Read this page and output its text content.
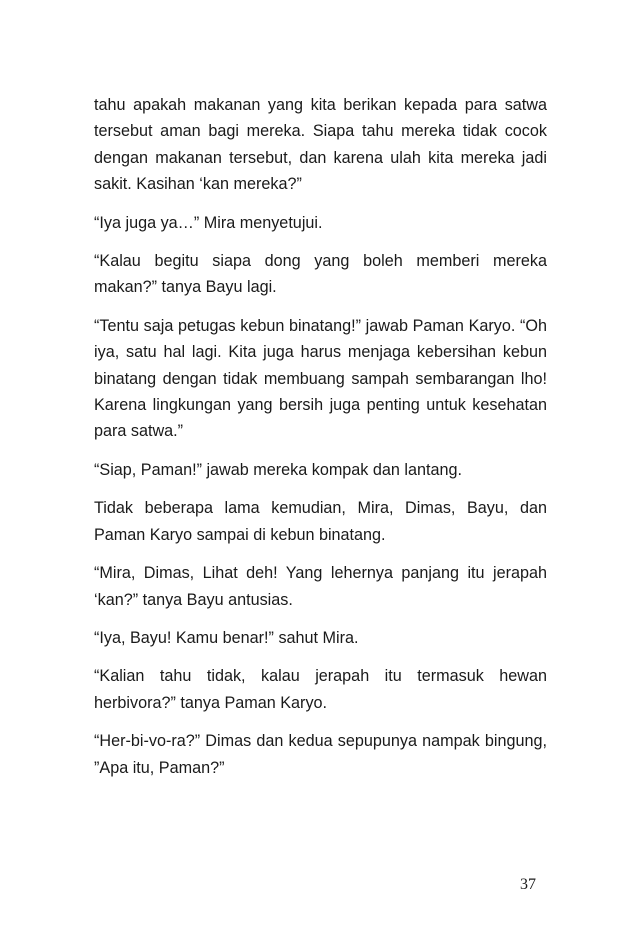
tahu apakah makanan yang kita berikan kepada para satwa tersebut aman bagi mereka. Siapa tahu mereka tidak cocok dengan makanan tersebut, dan karena ulah kita mereka jadi sakit. Kasihan ‘kan mereka?”

“Iya juga ya…” Mira menyetujui.

“Kalau begitu siapa dong yang boleh memberi mereka makan?” tanya Bayu lagi.

“Tentu saja petugas kebun binatang!” jawab Paman Karyo. “Oh iya, satu hal lagi. Kita juga harus menjaga kebersihan kebun binatang dengan tidak membuang sampah sembarangan lho! Karena lingkungan yang bersih juga penting untuk kesehatan para satwa.”

“Siap, Paman!” jawab mereka kompak dan lantang.

Tidak beberapa lama kemudian, Mira, Dimas, Bayu, dan Paman Karyo sampai di kebun binatang.

“Mira, Dimas, Lihat deh! Yang lehernya panjang itu jerapah ‘kan?” tanya Bayu antusias.

“Iya, Bayu! Kamu benar!” sahut Mira.

“Kalian tahu tidak, kalau jerapah itu termasuk hewan herbivora?” tanya Paman Karyo.

“Her-bi-vo-ra?” Dimas dan kedua sepupunya nampak bingung, ”Apa itu, Paman?”

37
